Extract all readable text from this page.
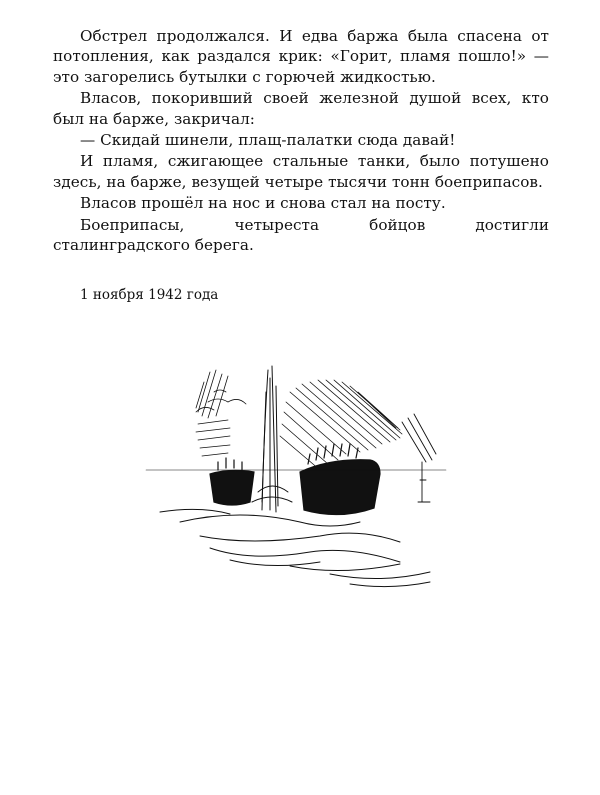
Обстрел продолжался. И едва баржа была спасена от потопления, как раздался крик: «Горит, пламя пошло!» — это загорелись бутылки с горючей жидкостью.

Власов, покоривший своей железной душой всех, кто был на барже, закричал:

— Скидай шинели, плащ-палатки сюда давай!

И пламя, сжигающее стальные танки, было потушено здесь, на барже, везущей четыре тысячи тонн боеприпасов.

Власов прошёл на нос и снова стал на посту.

Боеприпасы, четыреста бойцов достигли сталинградского берега.

1 ноября 1942 года
